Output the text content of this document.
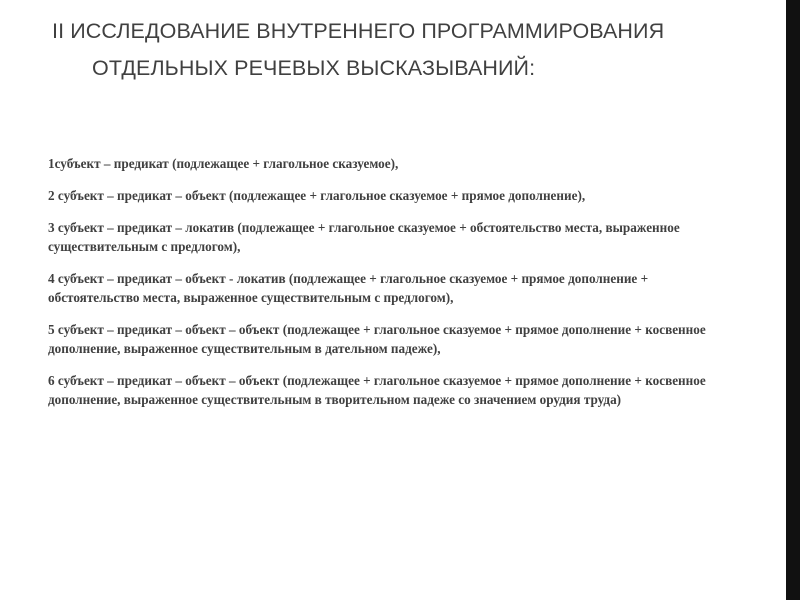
II ИССЛЕДОВАНИЕ ВНУТРЕННЕГО ПРОГРАММИРОВАНИЯ
ОТДЕЛЬНЫХ РЕЧЕВЫХ ВЫСКАЗЫВАНИЙ:

1субъект – предикат (подлежащее + глагольное сказуемое),

2 субъект – предикат – объект (подлежащее + глагольное сказуемое + прямое дополнение),

3 субъект – предикат – локатив (подлежащее + глагольное сказуемое + обстоятельство места, выраженное существительным с предлогом),

4 субъект – предикат – объект - локатив (подлежащее + глагольное сказуемое + прямое дополнение + обстоятельство места, выраженное существительным с предлогом),

5 субъект – предикат – объект – объект (подлежащее + глагольное сказуемое + прямое дополнение + косвенное дополнение, выраженное существительным в дательном падеже),

6 субъект – предикат – объект – объект (подлежащее + глагольное сказуемое + прямое дополнение + косвенное дополнение, выраженное существительным в творительном падеже со значением орудия труда)
